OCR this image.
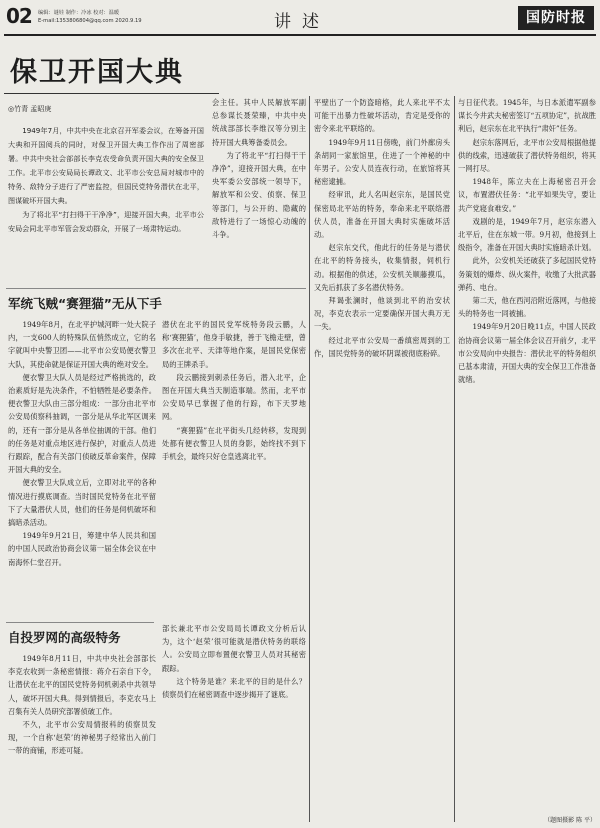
02 编辑：谜娃 制作：冷冰 校对：温暖
E-mail:1353806804@qq.com 2020.9.19	讲述	国防时报
保卫开国大典
◎竹青 孟昭庚

1949年7月，中共中央在北京召开军委会议，在筹备开国大典和开国阅兵的同时，对保卫开国大典工作作出了周密部署。中共中央社会部部长李克农受命负责开国大典的安全保卫工作。北平市公安局局长谭政文、北平市公安总局对城市中的特务、敌特分子进行了严密监控，但国民党特务潜伏在北平，图谋破坏开国大典。

为了将北平“打扫得干干净净”，迎接开国大典，北平市公安局会同北平市军管会发动群众，开展了一场肃特运动。

会主任。其中人民解放军副总参谋长聂荣臻，中共中央统战部部长李维汉等分别主持开国大典筹备委员会。

为了将北平“打扫得干干净净”，迎接开国大典，在中央军委公安部统一领导下，解放军和公安、侦察、保卫等部门，与公开的、隐藏的敌特进行了一场惊心动魄的斗争。

军统飞贼“赛狸猫”无从下手

1949年8月，在北平护城河畔一处大院子内，一支600人的特殊队伍悄然成立，它的名字就叫中央警卫团——北平市公安局便衣警卫大队，其使命就是保证开国大典的绝对安全。

便衣警卫大队人员是经过严格挑选的，政治素质好是先决条件，不怕牺牲是必要条件。便衣警卫大队由三部分组成：一部分由北平市公安局侦察科抽调，一部分是从华北军区调来的，还有一部分是从各单位抽调的干部。他们的任务是对重点地区进行保护，对重点人员进行跟踪，配合有关部门侦破反革命案件，保障开国大典的安全。

便衣警卫大队成立后，立即对北平的各种情况进行摸底调查。当时国民党特务在北平留下了大量潜伏人员，他们的任务是伺机破坏和搞暗杀活动。

1949年9月21日，筹建中华人民共和国的中国人民政治协商会议第一届全体会议在中南海怀仁堂召开。

潜伏在北平的国民党军统特务段云鹏，人称‘赛狸猫’，他身手敏捷，善于飞檐走壁，曾多次在北平、天津等地作案，是国民党保密局的王牌杀手。

段云鹏接到刺杀任务后，潜入北平，企图在开国大典当天制造事端。然而，北平市公安局早已掌握了他的行踪，布下天罗地网。

“赛狸猫”在北平街头几经转移，发现到处都有便衣警卫人员的身影，始终找不到下手机会，最终只好仓皇逃离北平。

自投罗网的高级特务

1949年8月11日，中共中央社会部部长李克农收到一条秘密情报：蒋介石亲自下令，让潜伏在北平的国民党特务伺机刺杀中共领导人，破坏开国大典。得到情报后，李克农马上召集有关人员研究部署侦破工作。

不久，北平市公安局情报科的侦察员发现，一个自称‘赵荣’的神秘男子经常出入前门一带的商铺，形迹可疑。

部长兼北平市公安局局长谭政文分析后认为，这个‘赵荣’很可能就是潜伏特务的联络人。公安局立即布置便衣警卫人员对其秘密跟踪。

这个特务是谁？来北平的目的是什么？侦察员们在秘密调查中逐步揭开了谜底。

平壁出了一个防盗暗格，此人来北平不太可能干出暴力性破坏活动，肯定是受你的密令来北平联络的。

1949年9月11日傍晚，前门外廊房头条胡同一家旅馆里，住进了一个神秘的中年男子。公安人员连夜行动，在旅馆将其秘密逮捕。

经审讯，此人名叫赵宗东，是国民党保密局北平站的特务，奉命来北平联络潜伏人员，准备在开国大典时实施破坏活动。

赵宗东交代，他此行的任务是与潜伏在北平的特务接头，收集情报，伺机行动。根据他的供述，公安机关顺藤摸瓜，又先后抓获了多名潜伏特务。

拜谒张澜时，他谈到北平的治安状况，李克农表示一定要确保开国大典万无一失。

经过北平市公安局一番缜密周到的工作，国民党特务的破坏阴谋被彻底粉碎。

与日征代表。1945年，与日本派遣军副参谋长今井武夫秘密签订“五项协定”，抗战胜利后，赵宗东在北平执行“肃奸”任务。

赵宗东落网后，北平市公安局根据他提供的线索，迅速破获了潜伏特务组织，将其一网打尽。

1948年，陈立夫在上海秘密召开会议，布置潜伏任务：“北平如果失守，要让共产党寝食难安。”

戏剧的是，1949年7月，赵宗东潜入北平后，住在东城一带。9月初，他接到上级指令，准备在开国大典时实施暗杀计划。

此外，公安机关还破获了多起国民党特务策划的爆炸、纵火案件，收缴了大批武器弹药、电台。

第二天，他在西河沿附近落网，与他接头的特务也一同被捕。

1949年9月20日晚11点，中国人民政治协商会议第一届全体会议召开前夕，北平市公安局向中央报告：潜伏北平的特务组织已基本肃清，开国大典的安全保卫工作准备就绪。

（题图摄影 陈 平）
